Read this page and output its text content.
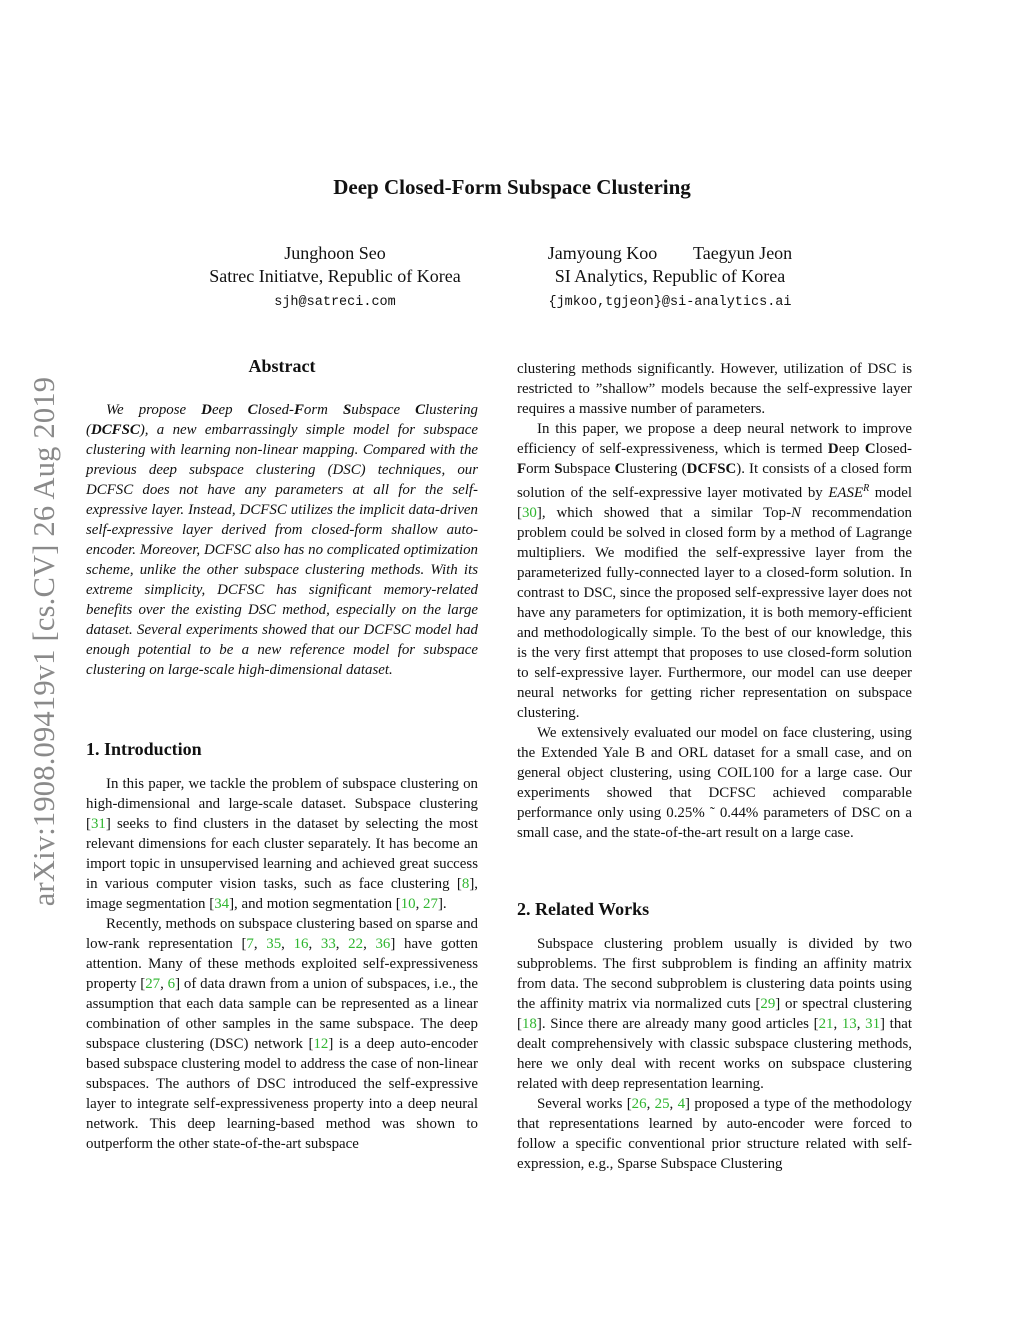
arXiv:1908.09419v1 [cs.CV] 26 Aug 2019
Deep Closed-Form Subspace Clustering
Junghoon Seo
Satrec Initiatve, Republic of Korea
sjh@satreci.com
Jamyoung Koo        Taegyun Jeon
SI Analytics, Republic of Korea
{jmkoo,tgjeon}@si-analytics.ai
Abstract

We propose Deep Closed-Form Subspace Clustering (DCFSC), a new embarrassingly simple model for subspace clustering with learning non-linear mapping. Compared with the previous deep subspace clustering (DSC) techniques, our DCFSC does not have any parameters at all for the self-expressive layer. Instead, DCFSC utilizes the implicit data-driven self-expressive layer derived from closed-form shallow auto-encoder. Moreover, DCFSC also has no complicated optimization scheme, unlike the other subspace clustering methods. With its extreme simplicity, DCFSC has significant memory-related benefits over the existing DSC method, especially on the large dataset. Several experiments showed that our DCFSC model had enough potential to be a new reference model for subspace clustering on large-scale high-dimensional dataset.

1. Introduction

In this paper, we tackle the problem of subspace clustering on high-dimensional and large-scale dataset. Subspace clustering [31] seeks to find clusters in the dataset by selecting the most relevant dimensions for each cluster separately. It has become an import topic in unsupervised learning and achieved great success in various computer vision tasks, such as face clustering [8], image segmentation [34], and motion segmentation [10, 27].

Recently, methods on subspace clustering based on sparse and low-rank representation [7, 35, 16, 33, 22, 36] have gotten attention. Many of these methods exploited self-expressiveness property [27, 6] of data drawn from a union of subspaces, i.e., the assumption that each data sample can be represented as a linear combination of other samples in the same subspace. The deep subspace clustering (DSC) network [12] is a deep auto-encoder based subspace clustering model to address the case of non-linear subspaces. The authors of DSC introduced the self-expressive layer to integrate self-expressiveness property into a deep neural network. This deep learning-based method was shown to outperform the other state-of-the-art subspace

clustering methods significantly. However, utilization of DSC is restricted to ”shallow” models because the self-expressive layer requires a massive number of parameters.

In this paper, we propose a deep neural network to improve efficiency of self-expressiveness, which is termed Deep Closed-Form Subspace Clustering (DCFSC). It consists of a closed form solution of the self-expressive layer motivated by $EASE^R$ model [30], which showed that a similar Top-N recommendation problem could be solved in closed form by a method of Lagrange multipliers. We modified the self-expressive layer from the parameterized fully-connected layer to a closed-form solution. In contrast to DSC, since the proposed self-expressive layer does not have any parameters for optimization, it is both memory-efficient and methodologically simple. To the best of our knowledge, this is the very first attempt that proposes to use closed-form solution to self-expressive layer. Furthermore, our model can use deeper neural networks for getting richer representation on subspace clustering.

We extensively evaluated our model on face clustering, using the Extended Yale B and ORL dataset for a small case, and on general object clustering, using COIL100 for a large case. Our experiments showed that DCFSC achieved comparable performance only using 0.25% ˜ 0.44% parameters of DSC on a small case, and the state-of-the-art result on a large case.

2. Related Works

Subspace clustering problem usually is divided by two subproblems. The first subproblem is finding an affinity matrix from data. The second subproblem is clustering data points using the affinity matrix via normalized cuts [29] or spectral clustering [18]. Since there are already many good articles [21, 13, 31] that dealt comprehensively with classic subspace clustering methods, here we only deal with recent works on subspace clustering related with deep representation learning.

Several works [26, 25, 4] proposed a type of the methodology that representations learned by auto-encoder were forced to follow a specific conventional prior structure related with self-expression, e.g., Sparse Subspace Clustering
